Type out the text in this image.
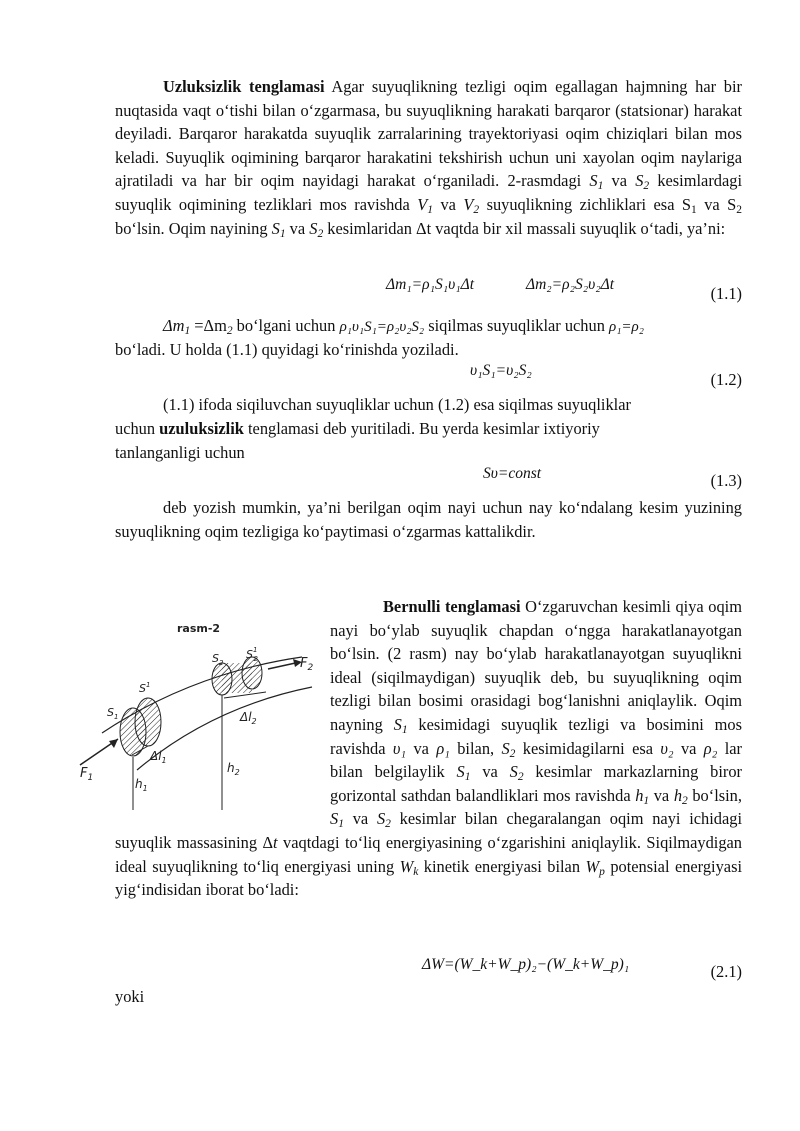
Uzluksizlik tenglamasi Agar suyuqlikning tezligi oqim egallagan hajmning har bir nuqtasida vaqt o‘tishi bilan o‘zgarmasa, bu suyuqlikning harakati barqaror (statsionar) harakat deyiladi. Barqaror harakatda suyuqlik zarralarining trayektoriyasi oqim chiziqlari bilan mos keladi. Suyuqlik oqimining barqaror harakatini tekshirish uchun uni xayolan oqim naylariga ajratiladi va har bir oqim nayidagi harakat o‘rganiladi. 2-rasmdagi $S_1$ va $S_2$ kesimlardagi suyuqlik oqimining tezliklari mos ravishda $V_1$ va $V_2$ suyuqlikning zichliklari esa $S_1$ va $S_2$ bo‘lsin. Oqim nayining $S_1$ va $S_2$ kesimlaridan Δt vaqtda bir xil massali suyuqlik o‘tadi, ya’ni:

Δm₁=ρ₁S₁υ₁Δt	Δm₂=ρ₂S₂υ₂Δt	(1.1)
$\Delta m_1 =\Delta m_2$ bo‘lgani uchun ρ₁υ₁S₁=ρ₂υ₂S₂ siqilmas suyuqliklar uchun ρ₁=ρ₂
bo‘ladi. U holda (1.1) quyidagi ko‘rinishda yoziladi.
υ₁S₁=υ₂S₂	(1.2)
(1.1) ifoda siqiluvchan suyuqliklar uchun (1.2) esa siqilmas suyuqliklar
uchun uzuluksizlik tenglamasi deb yuritiladi. Bu yerda kesimlar ixtiyoriy
tanlanganligi uchun
Sυ=const	(1.3)

deb yozish mumkin, ya’ni berilgan oqim nayi uchun nay ko‘ndalang kesim yuzining suyuqlikning oqim tezligiga ko‘paytimasi o‘zgarmas kattalikdir.

rasm-2
$S_2$
$S^1$ 2	$F_2$
$S^1$
$S_1$	$\Delta l_2$
$\Delta l_1$
$h_2$
$F_1$	$h_1$
Bernulli tenglamasi O‘zgaruvchan kesimli qiya oqim nayi bo‘ylab suyuqlik chapdan o‘ngga harakatlanayotgan bo‘lsin. (2 rasm) nay bo‘ylab harakatlanayotgan suyuqlikni ideal (siqilmaydigan) suyuqlik deb, bu suyuqlikning oqim tezligi bilan bosimi orasidagi bog‘lanishni aniqlaylik. Oqim nayning $S_1$ kesimidagi suyuqlik tezligi va bosimini mos ravishda υ₁ va ρ₁ bilan, $S_2$ kesimidagilarni esa υ₂ va ρ₂ lar bilan belgilaylik $S_1$ va $S_2$ kesimlar markazlarning biror gorizontal sathdan balandliklari mos ravishda $h_1$ va $h_2$ bo‘lsin, $S_1$ va $S_2$ kesimlar bilan chegaralangan oqim nayi ichidagi suyuqlik massasining Δt vaqtdagi to‘liq energiyasining o‘zgarishini aniqlaylik. Siqilmaydigan ideal suyuqlikning to‘liq energiyasi uning $W_k$ kinetik energiyasi bilan $W_p$ potensial energiyasi yig‘indisidan iborat bo‘ladi:
ΔW=(W_k+W_p)₂−(W_k+W_p)₁	(2.1)
yoki
